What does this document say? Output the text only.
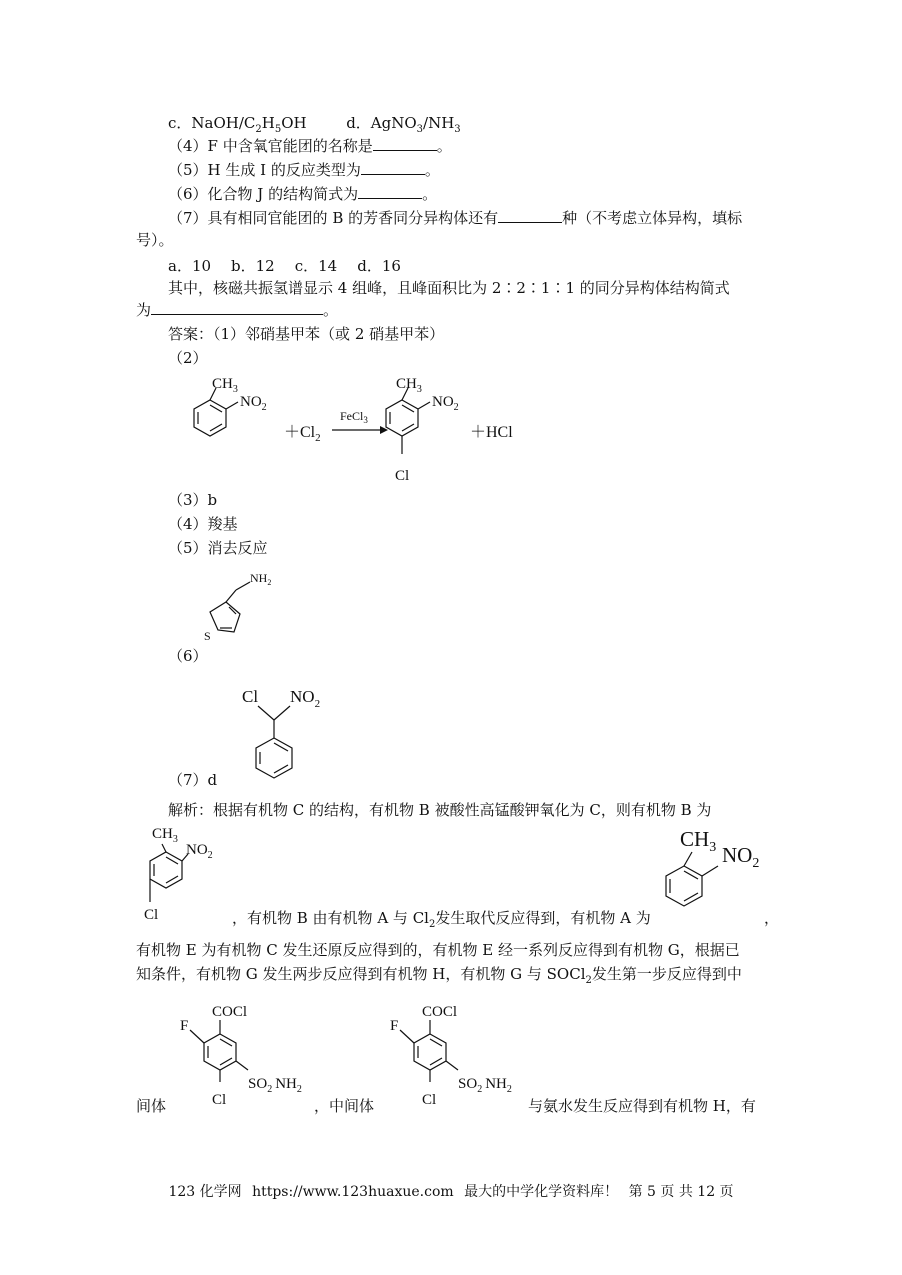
c．NaOH/$C_2H_5OH$	d．$AgNO_3/NH_3$
（4）F 中含氧官能团的名称是	。
（5）H 生成 I 的反应类型为	。
（6）化合物 J 的结构简式为	。
（7）具有相同官能团的 B 的芳香同分异构体还有	种（不考虑立体异构，填标
号）。
a．10 b．12 c．14 d．16
其中，核磁共振氢谱显示 4 组峰，且峰面积比为 2∶2∶1∶1 的同分异构体结构简式
为	。
答案：（1）邻硝基甲苯（或 2 硝基甲苯）
（2）
$CH_3$
$NO_2$
$+Cl_2$
FeCl$_3$
$CH_3$
$NO_2$
Cl
＋HCl
（3）b
（4）羧基
（5）消去反应
$NH_2$
S
（6）
Cl $NO_2$
（7）d
解析：根据有机物 C 的结构，有机物 B 被酸性高锰酸钾氧化为 C，则有机物 B 为
$CH_3$
$NO_2$
Cl	，有机物 B 由有机物 A 与 $Cl_2$发生取代反应得到，有机物 A 为
$CH_3$ $NO_2$
，
有机物 E 为有机物 C 发生还原反应得到的，有机物 E 经一系列反应得到有机物 G，根据已
知条件，有机物 G 发生两步反应得到有机物 H，有机物 G 与 SOCl$_2$发生第一步反应得到中
COCl
F
$SO_2$ $NH_2$
Cl
COCl
F
$SO_2$ $NH_2$
Cl
间体	，中间体	与氨水发生反应得到有机物 H，有
123 化学网 https://www.123huaxue.com 最大的中学化学资料库！ 第 5 页 共 12 页
